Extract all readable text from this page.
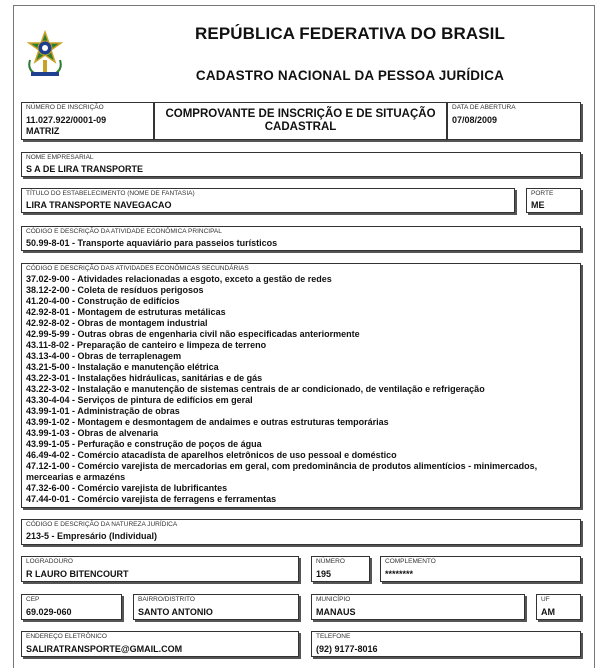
REPÚBLICA FEDERATIVA DO BRASIL
CADASTRO NACIONAL DA PESSOA JURÍDICA
NÚMERO DE INSCRIÇÃO
11.027.922/0001-09
MATRIZ
COMPROVANTE DE INSCRIÇÃO E DE SITUAÇÃO
CADASTRAL
DATA DE ABERTURA
07/08/2009
NOME EMPRESARIAL
S A DE LIRA TRANSPORTE
TÍTULO DO ESTABELECIMENTO (NOME DE FANTASIA)
LIRA TRANSPORTE NAVEGACAO
PORTE
ME
CÓDIGO E DESCRIÇÃO DA ATIVIDADE ECONÔMICA PRINCIPAL
50.99-8-01 - Transporte aquaviário para passeios turísticos
CÓDIGO E DESCRIÇÃO DAS ATIVIDADES ECONÔMICAS SECUNDÁRIAS
37.02-9-00 - Atividades relacionadas a esgoto, exceto a gestão de redes
38.12-2-00 - Coleta de resíduos perigosos
41.20-4-00 - Construção de edifícios
42.92-8-01 - Montagem de estruturas metálicas
42.92-8-02 - Obras de montagem industrial
42.99-5-99 - Outras obras de engenharia civil não especificadas anteriormente
43.11-8-02 - Preparação de canteiro e limpeza de terreno
43.13-4-00 - Obras de terraplenagem
43.21-5-00 - Instalação e manutenção elétrica
43.22-3-01 - Instalações hidráulicas, sanitárias e de gás
43.22-3-02 - Instalação e manutenção de sistemas centrais de ar condicionado, de ventilação e refrigeração
43.30-4-04 - Serviços de pintura de edifícios em geral
43.99-1-01 - Administração de obras
43.99-1-02 - Montagem e desmontagem de andaimes e outras estruturas temporárias
43.99-1-03 - Obras de alvenaria
43.99-1-05 - Perfuração e construção de poços de água
46.49-4-02 - Comércio atacadista de aparelhos eletrônicos de uso pessoal e doméstico
47.12-1-00 - Comércio varejista de mercadorias em geral, com predominância de produtos alimentícios - minimercados, mercearias e armazéns
47.32-6-00 - Comércio varejista de lubrificantes
47.44-0-01 - Comércio varejista de ferragens e ferramentas
CÓDIGO E DESCRIÇÃO DA NATUREZA JURÍDICA
213-5 - Empresário (Individual)
LOGRADOURO
R LAURO BITENCOURT
NÚMERO
195
COMPLEMENTO
********
CEP
69.029-060
BAIRRO/DISTRITO
SANTO ANTONIO
MUNICÍPIO
MANAUS
UF
AM
ENDEREÇO ELETRÔNICO
SALIRATRANSPORTE@GMAIL.COM
TELEFONE
(92) 9177-8016
